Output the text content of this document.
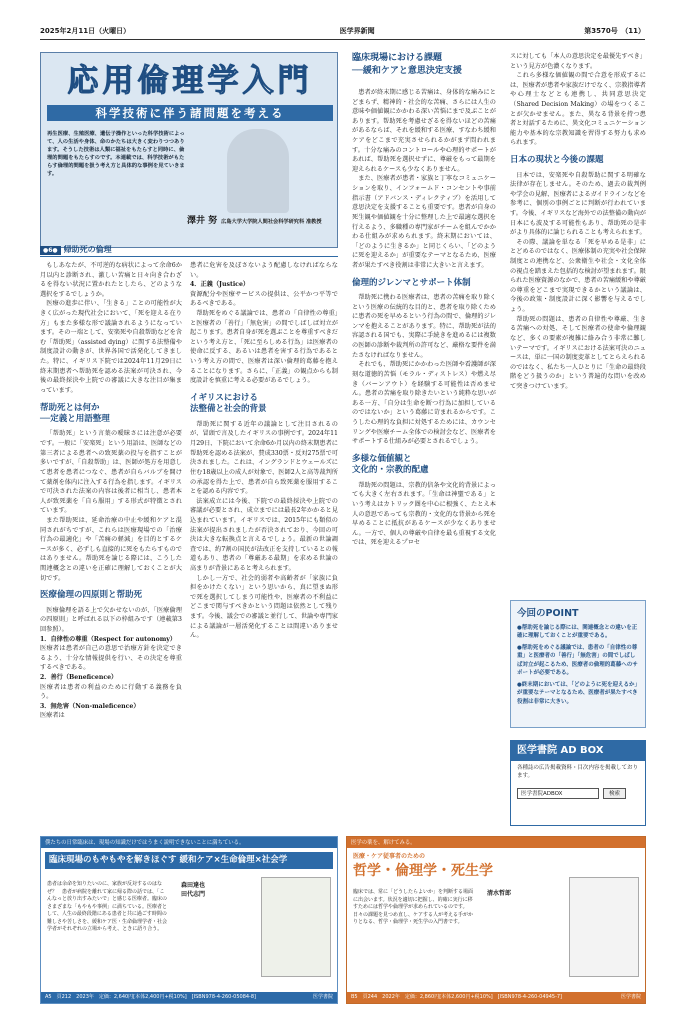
2025年2月11日（火曜日）	医学界新聞	第3570号　（11）
応用倫理学入門
科学技術に伴う諸問題を考える
再生医療、生殖医療、遺伝子操作といった科学技術によって、人の生活や身体、命のかたちは大きく変わりつつあります。そうした技術は人類に福祉をもたらすと同時に、倫理的問題をもたらすのです。本連載では、科学技術がもたらす倫理的問題を扱う考え方と具体的な事例を見ていきます。
澤井 努 広島大学大学院人間社会科学研究科 准教授
●6● 帰助死の倫理

もしあなたが、不可逆的な病状によって余命6か月以内と診断され、激しい苦痛と日々向き合わざるを得ない状況に置かれたとしたら、どのような選択をするでしょうか。

医療の進歩に伴い、「生きる」ことの可能性が大きく広がった現代社会において、「死を迎える在り方」もまた多様な形で議論されるようになっています。その一端として、安楽死や自殺帮助などを含む「帮助死」（assisted dying）に関する法整備や制度設計の動きが、世界各国で活発化してきました。特に、イギリス下院では2024年11月29日に終末期患者へ帮助死を認める法案が可決され、今後の最終採決や上院での審議に大きな注目が集まっています。

帮助死とは何か
──定義と用語整理

「帮助死」という言葉の曖昧さには注意が必要です。一般に「安楽死」という用語は、医師などの第三者による患者への致死薬の投与を指すことが多いですが、「自殺帮助」は、医師が処方を用意して患者を患者につなぐ、患者が自らバルブを開けて薬剤を体内に注入する行為を指します。イギリスで可決された法案の内容は後者に相当し、患者本人が致死薬を「自ら服用」する形式が特徴とされています。

また帮助死は、延命治療の中止や緩和ケアと混同されがちですが、これらは医療現場での「治療行為の最適化」や「苦痛の軽減」を目的とするケースが多く、必ずしも直接的に死をもたらすものではありません。帮助死を論じる際には、こうした関連概念との違いを正確に理解しておくことが大切です。

医療倫理の四原則と帮助死

医療倫理を語る上で欠かせないのが、「医療倫理の四原則」と呼ばれる以下の枠組みです（連載第3回参照）。

1．自律性の尊重（Respect for autonomy）

医療者は患者が自己の意思で治療方針を決定できるよう、十分な情報提供を行い、その決定を尊重するべきである。

2．善行（Beneficence）

医療者は患者の利益のために行動する義務を負う。

3．無危害（Non-maleficence）

医療者は

患者に危害を及ぼさないよう配慮しなければならない。

4．正義（Justice）

資源配分や医療サービスの提供は、公平かつ平等であるべきである。

帮助死をめぐる議論では、患者の「自律性の尊重」と医療者の「善行」「無危害」の間でしばしば対立が起こります。患者自身が死を選ぶことを尊重すべきだという考え方と、「死に至らしめる行為」は医療者の使命に反する、あるいは患者を害する行為であるという考え方の間で、医療者は深い倫理的葛藤を抱えることになります。さらに、「正義」の観点からも制度設計を慎重に考える必要があるでしょう。

イギリスにおける
法整備と社会的背景

帮助死に関する近年の議論として注目されるのが、冒頭で言及したイギリスの事例です。2024年11月29日、下院において余命6か月以内の終末期患者に帮助死を認める法案が、賛成330票・反対275票で可決されました。これは、イングランドとウェールズに住む18歳以上の成人が対象で、医師2人と高等裁判所の承認を得た上で、患者が自ら致死薬を服用することを認める内容です。

法案成立には今後、下院での最終採決や上院での審議が必要とされ、成立までには最長2年かかると見込まれています。イギリスでは、2015年にも類似の法案が提出されましたが否決されており、今回の可決は大きな転換点と言えるでしょう。最新の世論調査では、約7割の国民が法改正を支持しているとの報道もあり、患者の「尊厳ある最期」を求める世論の高まりが背景にあると考えられます。

しかし一方で、社会的弱者や高齢者が「家族に負担をかけたくない」という思いから、真に望まぬ形で死を選択してしまう可能性や、医療者の不利益にどこまで関与すべきかという問題は依然として残ります。今後、議会での審議と並行して、世論や専門家による議論が一層活発化することは間違いありません。

臨床現場における課題
──緩和ケアと意思決定支援

患者が終末期に感じる苦痛は、身体的な痛みにとどまらず、精神的・社会的な苦痛、さらには人生の意味や価値観にかかわる深い苦悩にまで及ぶことがあります。帮助死を考慮せざるを得ないほどの苦痛があるならば、それを緩和する医療、すなわち緩和ケアをどこまで充実させられるかがまず問われます。十分な痛みのコントロールや心理的サポートがあれば、帮助死を選択せずに、尊厳をもって最期を迎えられるケースも少なくありません。

また、医療者が患者・家族と丁寧なコミュニケーションを取り、インフォームド・コンセントや事前指示書（アドバンス・ディレクティブ）を活用して意思決定を支援することも重要です。患者が自身の死生観や価値観を十分に整理した上で最適な選択を行えるよう、多職種の専門家がチームを組んでかかわる仕組みが求められます。終末期においては、「どのように生きるか」と同じくらい、「どのように死を迎えるか」が重要なテーマとなるため、医療者が果たすべき役割は非常に大きいと言えます。

倫理的ジレンマとサポート体制

帮助死に携わる医療者は、患者の苦痛を取り除くという医療の伝統的な目的と、患者を取り除くために患者の死を早めるという行為の間で、倫理的ジレンマを抱えることがあります。特に、帮助死が法的容認される国でも、実際に手続きを進めるには複数の医師の診断や裁判所の許可など、厳格な要件を満たさなければなりません。

それでも、帮助死にかかわった医師や看護師が深刻な道徳的苦悩（モラル・ディストレス）や燃え尽き（バーンアウト）を経験する可能性は否めません。患者の苦痛を取り除きたいという純粋な思いがある一方、「自分は生命を断つ行為に加担しているのではないか」という葛藤に苛まれるからです。こうした心理的な負担に対処するためには、カウンセリングや医療チーム全体での検討会など、医療者をサポートする仕組みが必要とされるでしょう。

多様な価値観と
文化的・宗教的配慮

帮助死の問題は、宗教的信条や文化的背景によっても大きく左右されます。「生命は神聖である」という考えはカトリック圏を中心に根強く、たとえ本人の意思であっても宗教的・文化的な背景から死を早めることに抵抗があるケースが少なくありません。一方で、個人の尊厳や自律を最も重視する文化では、死を迎えるプロセ

スに対しても「本人の意思決定を最優先すべき」という見方が色濃くなります。

これら多様な価値観の間で合意を形成するには、医療者が患者や家族だけでなく、宗教指導者や心理士などとも連携し、共同意思決定（Shared Decision Making）の場をつくることが欠かせません。また、異なる背景を持つ患者と対話するために、異文化コミュニケーション能力や基本的な宗教知識を習得する努力も求められます。

日本の現状と今後の課題

日本では、安楽死や自殺帮助に関する明確な法律が存在しません。そのため、過去の裁判例や学会の見解、医療者によるガイドラインなどを参考に、個別の事例ごとに判断が行われています。今後、イギリスなど海外での法整備の動向が日本にも波及する可能性もあり、帮助死の是非がより具体的に論じられることも考えられます。

その際、議論を単なる「死を早める是非」にとどめるのではなく、医療体制の充実や社会保障制度との連携など、公衆衛生や社会・文化全体の視点を踏まえた包括的な検討が望まれます。限られた医療資源のなかで、患者の苦痛緩和や尊厳の尊重をどこまで実現できるかという議論は、今後の政策・制度設計に深く影響を与えるでしょう。

帮助死の問題は、患者の自律性や尊厳、生きる苦痛への対処、そして医療者の使命や倫理観など、多くの要素が複雑に絡み合う非常に難しいテーマです。イギリスにおける法案可決のニュースは、単に一国の制度変革としてとらえられるのではなく、私たち一人ひとりに「生命の最終段階をどう扱うのか」という普遍的な問いを改めて突きつけています。

今回のPOINT
●帮助死を論じる際には、関連概念との違いを正確に理解しておくことが重要である。
●帮助死をめぐる議論では、患者の「自律性の尊重」と医療者の「善行」「無危害」の間でしばしば対立が起こるため、医療者の倫理的葛藤へのサポートが必要である。
●終末期においては、「どのように死を迎えるか」が重要なテーマとなるため、医療者が果たすべき役割は非常に大きい。
医学書院 AD BOX
各種誌の広告掲載資料・目次内容を掲載しております。
医学書院ADBOX	検索
僕たちの日常臨床は、現場の知識だけではうまく説明できないことに満ちている。
臨床現場のもやもやを解きほぐす 緩和ケア×生命倫理×社会学
患者は余命を知りたいのに、家族が反対するのはなぜ？　患者が病院を離れて家に帰る際の話では、「こんなっと放り出すみたいで」と感じる医療者。臨床のさまざまな「もやもや事例」に満ちている。医療者として、人生の最終段階にある患者と共に過ごす時間の難しさや苦しさを、緩和ケア医・生命倫理学者・社会学者がそれぞれの立場から考え、ときに語り合う。
森田達也
田代志門
A5　頁212　2023年　定価：2,640円[本体2,400円+税10%]　[ISBN978-4-260-05084-8]	医学書院
医学の薬を、解けてみる。
医療・ケア従事者のための
哲学・倫理学・死生学
臨床では、常に「どうしたらよいか」を判断する場面に出会います。状況を適切に把握し、的確に実行に移すためには哲学や倫理学が求められているのです。日々の課題を見つめ直し、ケアする人が考える手がかりとなる、哲学・倫理学・死生学の入門書です。
清水哲郎
B5　頁244　2022年　定価：2,860円[本体2,600円+税10%]　[ISBN978-4-260-04945-7]	医学書院
